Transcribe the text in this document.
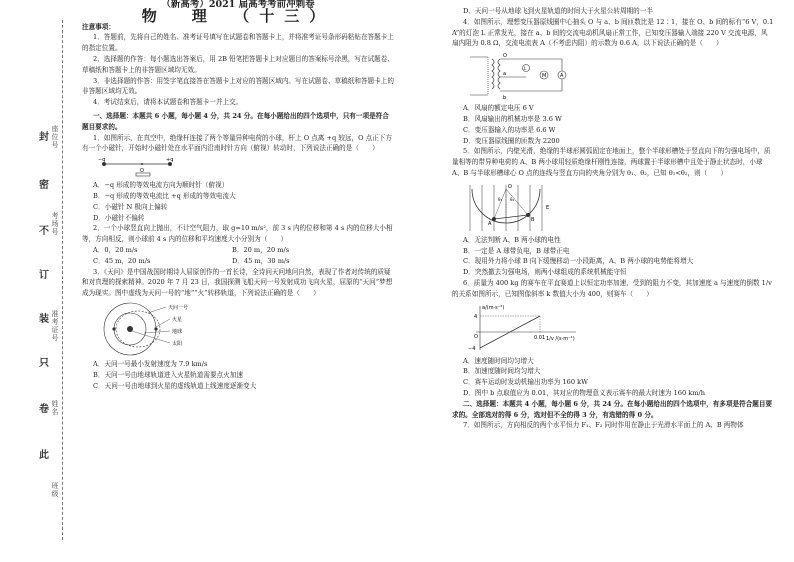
封
密
不
订
装
只
卷
此
座位号
考场号
准考证号
姓名
班级

（新高考）2021 届高考考前冲刺卷

物　理　（十三）

注意事项：

1．答题前，先将自己的姓名、准考证号填写在试题卷和答题卡上，并将准考证号条形码粘贴在答题卡上的指定位置。

2．选择题的作答：每小题选出答案后，用 2B 铅笔把答题卡上对应题目的答案标号涂黑，写在试题卷、草稿纸和答题卡上的非答题区域均无效。

3．非选择题的作答：用签字笔直接答在答题卡上对应的答题区域内。写在试题卷、草稿纸和答题卡上的非答题区域均无效。

4．考试结束后，请将本试题卷和答题卡一并上交。

一、选择题：本题共 6 小题，每小题 4 分，共 24 分。在每小题给出的四个选项中，只有一项是符合题目要求的。

1．如图所示，在真空中，绝缘杆连接了两个等量异种电荷的小球，杆上 O 点离 +q 较远，O 点正下方有一个小磁针，开始时小磁针处在水平面内沿南时针方向（俯视）转动时，下列说法正确的是（　　）

−q	+q
O

A．−q 形成的等效电流方向为顺时针（俯视）

B．−q 形成的等效电流比 +q 形成的等效电流大

C．小磁针 N 极向上偏转

D．小磁针不偏转

2．一个小球竖直向上抛出，不计空气阻力，取 g=10 m/s²，前 3 s 内的位移和第 4 s 内的位移大小相等，方向相反，则小球前 4 s 内的位移和平均速度大小分别为（　　）

A．0，20 m/s	B．20 m，20 m/s

C．45 m，20 m/s	D．45 m，30 m/s

3．《天问》是中国战国时期诗人屈原创作的一首长诗，全诗问天问地问自然，表现了作者对传统的质疑和对真理的探索精神。2020 年 7 月 23 日，我国探测飞船天问一号发射成功飞向火星，屈原的“天问”梦想成为现实。图中虚线为天问一号的“地”“火”转移轨道，下列说法正确的是（　　）

天问一号
火星
地球
太阳

A．天问一号最小发射速度为 7.9 km/s

B．天问一号由地球轨道进入火星轨道需要点火加速

C．天问一号由地球到火星的虚线轨道上线速度逐渐变大

D．天问一号从地球飞到火星轨道的时间大于火星公转周期的一半

4．如图所示，理想变压器原线圈中心抽头 O 与 a、b 间匝数比是 12∶1，接在 O、b 间的标有“6 V，0.1 A”的灯泡 L 正常发光，接在 a、b 间的交流电动机风扇正常工作，已知变压器输入端接 220 V 交流电源，风扇内阻为 0.8 Ω，交流电流表 A（不考虑内阻）的示数为 0.6 A，以下说法正确的是（　　）

O
a
b
L
M	A

A．风扇的额定电压 6 V

B．风扇输出的机械功率是 3.6 W

C．变压器输入的功率是 6.6 W

D．变压器原线圈的匝数为 2200

5．如图所示，内壁光滑，绝缘的半球形圆弧固定在地面上，整个半球形槽处于竖直向下的匀强电场中，质量相等的带异种电荷的 A、B 两小球用轻质绝缘杆刚性连接，两球置于半球形槽中且处于静止状态时，小球 A、B 与半球形槽球心 O 点的连线与竖直方向的夹角分别为 θ₁、θ₂，已知 θ₁<θ₂，则（　　）

O
A
B
θ₁ θ₂
E

A．无法判断 A、B 两小球的电性

B．一定是 A 球带负电，B 球带正电

C．现用外力将小球 B 向下缓慢移动一小段距离，A、B 两小球的电势能将增大

D．突然撤去匀强电场，则两小球组成的系统机械能守恒

6．质量为 400 kg 的赛车在平直赛道上以恒定功率加速，受到的阻力不变，其加速度 a 与速度的倒数 1/v 的关系如图所示，已知图像斜率 k 数值大小为 400，则赛车（　　）

a/(m·s⁻²)
4
O
−4
0.01 1/v /(s·m⁻¹)

A．速度随时间均匀增大

B．加速度随时间均匀增大

C．赛车运动时发动机输出功率为 160 kW

D．图中 b 点取值应为 0.01，其对应的物理意义表示赛车的最大时速为 160 km/h

二、选择题：本题共 4 小题，每小题 6 分，共 24 分。在每小题给出的四个选项中，有多项是符合题目要求的。全部选对的得 6 分，选对但不全的得 3 分，有选错的得 0 分。

7．如图所示，方向相反的两个水平恒力 F₁、F₂ 同时作用在静止于光滑水平面上的 A、B 两物体
